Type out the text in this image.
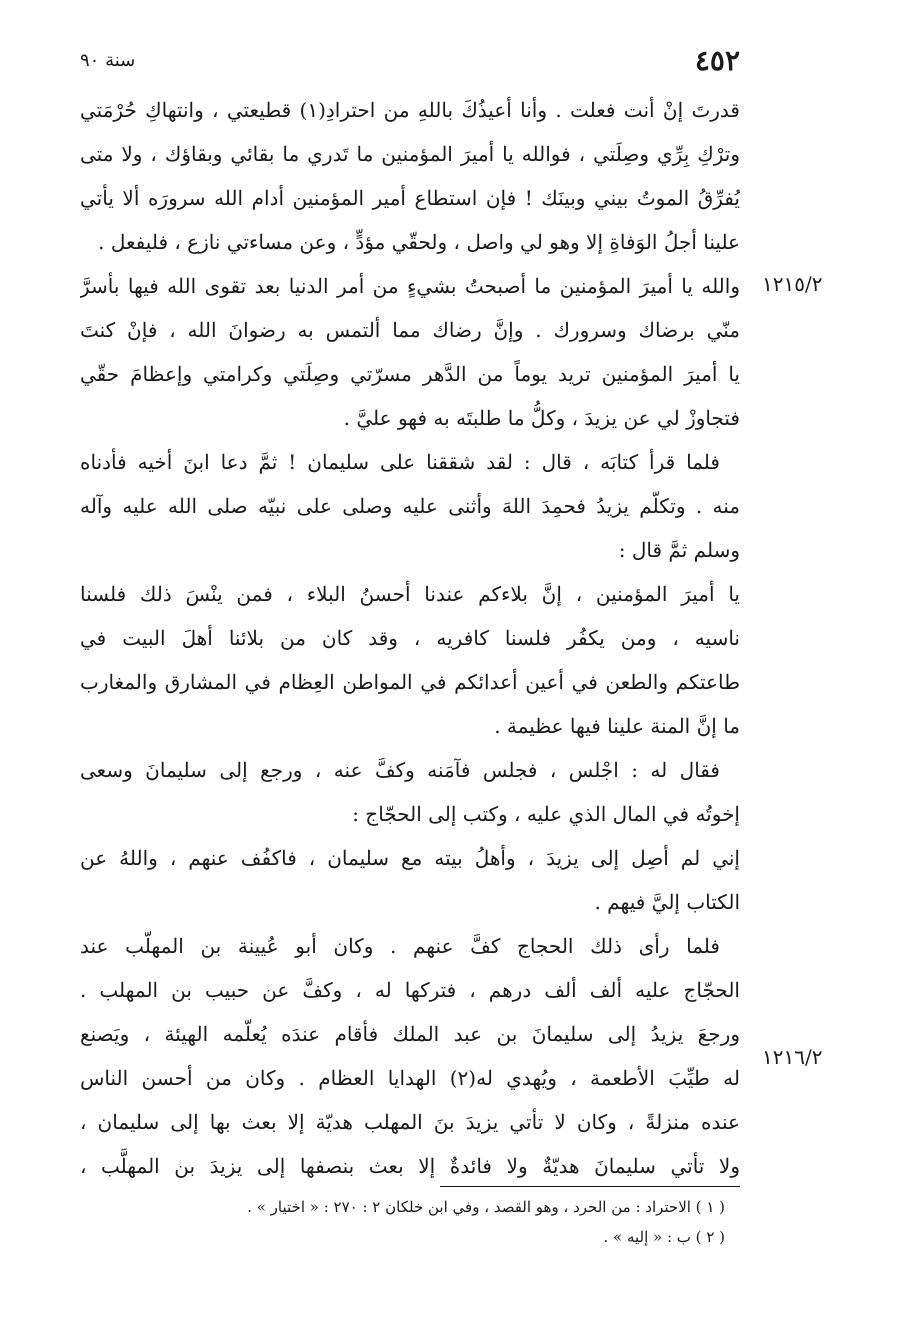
٤٥٢
سنة ٩٠
١٢١٥/٢
١٢١٦/٢
قدرتَ إنْ أنت فعلت . وأنا أعيذُكَ باللهِ من احترادِ(١) قطيعتي ، وانتهاكِ حُرْمَتي
وترْكِ بِرِّي وصِلَتي ، فوالله يا أميرَ المؤمنين ما تَدري ما بقائي وبقاؤك ، ولا متى
يُفرِّقُ الموتُ بيني وبينَك ! فإن استطاع أمير المؤمنين أدام الله سرورَه ألا يأتي
علينا أجلُ الوَفاةِ إلا وهو لي واصل ، ولحقّي مؤدٍّ ، وعن مساءتي نازع ، فليفعل .
والله يا أميرَ المؤمنين ما أصبحتُ بشيءٍ من أمر الدنيا بعد تقوى الله فيها بأسرَّ
منّي برضاك وسرورك . وإنَّ رضاك مما ألتمس به رضوانَ الله ، فإنْ كنتَ
يا أميرَ المؤمنين تريد يوماً من الدَّهر مسرّتي وصِلَتي وكرامتي وإعظامَ حقّي
فتجاوزْ لي عن يزيدَ ، وكلُّ ما طلبتَه به فهو عليَّ .
فلما قرأ كتابَه ، قال : لقد شققنا على سليمان ! ثمَّ دعا ابنَ أخيه فأدناه
منه . وتكلّم يزيدُ فحمِدَ اللهَ وأثنى عليه وصلى على نبيّه صلى الله عليه وآله
وسلم ثمَّ قال :
يا أميرَ المؤمنين ، إنَّ بلاءكم عندنا أحسنُ البلاء ، فمن ينْسَ ذلك فلسنا
ناسيه ، ومن يكفُر فلسنا كافريه ، وقد كان من بلائنا أهلَ البيت في
طاعتكم والطعن في أعين أعدائكم في المواطن العِظام في المشارق والمغارب
ما إنَّ المنة علينا فيها عظيمة .
فقال له : اجْلس ، فجلس فآمَنه وكفَّ عنه ، ورجع إلى سليمانَ وسعى
إخوتُه في المال الذي عليه ، وكتب إلى الحجّاج :
إني لم أصِل إلى يزيدَ ، وأهلُ بيته مع سليمان ، فاكفُف عنهم ، واللهُ عن
الكتاب إليَّ فيهم .
فلما رأى ذلك الحجاج كفَّ عنهم . وكان أبو عُيينة بن المهلّب عند
الحجّاج عليه ألف ألف درهم ، فتركها له ، وكفَّ عن حبيب بن المهلب .
ورجعَ يزيدُ إلى سليمانَ بن عبد الملك فأقام عندَه يُعلّمه الهيئة ، ويَصنع
له طيِّبَ الأطعمة ، ويُهدي له(٢) الهدايا العظام . وكان من أحسن الناس
عنده منزلةً ، وكان لا تأتي يزيدَ بنَ المهلب هديّة إلا بعث بها إلى سليمان ،
ولا تأتي سليمانَ هديّةٌ ولا فائدةٌ إلا بعث بنصفها إلى يزيدَ بن المهلَّب ،
( ١ ) الاحتراد : من الحرد ، وهو القصد ، وفي ابن خلكان ٢ : ٢٧٠ : « اختيار » .
( ٢ ) ب : « إليه » .
